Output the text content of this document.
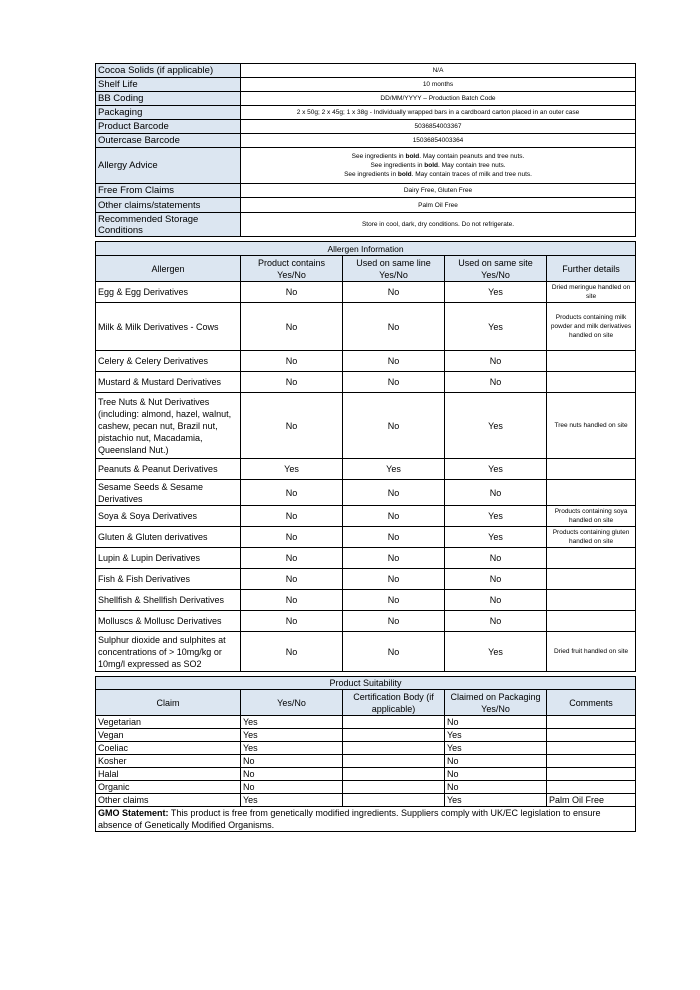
Cocoa Solids (if applicable)	N/A
Shelf Life	10 months
BB Coding	DD/MM/YYYY – Production Batch Code
Packaging	2 x 50g; 2 x 45g; 1 x 38g - Individually wrapped bars in a cardboard carton placed in an outer case
Product Barcode	5036854003367
Outercase Barcode	15036854003364
Allergy Advice	See ingredients in bold. May contain peanuts and tree nuts.
See ingredients in bold. May contain tree nuts.
See ingredients in bold. May contain traces of milk and tree nuts.

Free From Claims	Dairy Free, Gluten Free
Other claims/statements	Palm Oil Free
Recommended Storage Conditions	Store in cool, dark, dry conditions. Do not refrigerate.
Allergen Information				
Allergen	Product contains Yes/No	Used on same line Yes/No	Used on same site Yes/No	Further details
Egg & Egg Derivatives	No	No	Yes	Dried meringue handled on site
Milk & Milk Derivatives - Cows	No	No	Yes	Products containing milk powder and milk derivatives handled on site
Celery & Celery Derivatives	No	No	No	
Mustard & Mustard Derivatives	No	No	No	
Tree Nuts & Nut Derivatives (including: almond, hazel, walnut, cashew, pecan nut, Brazil nut, pistachio nut, Macadamia, Queensland Nut.)	No	No	Yes	Tree nuts handled on site
Peanuts & Peanut Derivatives	Yes	Yes	Yes	
Sesame Seeds & Sesame Derivatives	No	No	No	
Soya & Soya Derivatives	No	No	Yes	Products containing soya handled on site
Gluten & Gluten derivatives	No	No	Yes	Products containing gluten handled on site
Lupin & Lupin Derivatives	No	No	No	
Fish & Fish Derivatives	No	No	No	
Shellfish & Shellfish Derivatives	No	No	No	
Molluscs & Mollusc Derivatives	No	No	No	
Sulphur dioxide and sulphites at concentrations of > 10mg/kg or 10mg/l expressed as SO2	No	No	Yes	Dried fruit handled on site
Product Suitability				
Claim	Yes/No	Certification Body (if applicable)	Claimed on Packaging Yes/No	Comments
Vegetarian	Yes		No	
Vegan	Yes		Yes	
Coeliac	Yes		Yes	
Kosher	No		No	
Halal	No		No	
Organic	No		No	
Other claims	Yes		Yes	Palm Oil Free
GMO Statement: This product is free from genetically modified ingredients. Suppliers comply with UK/EC legislation to ensure absence of Genetically Modified Organisms.				
